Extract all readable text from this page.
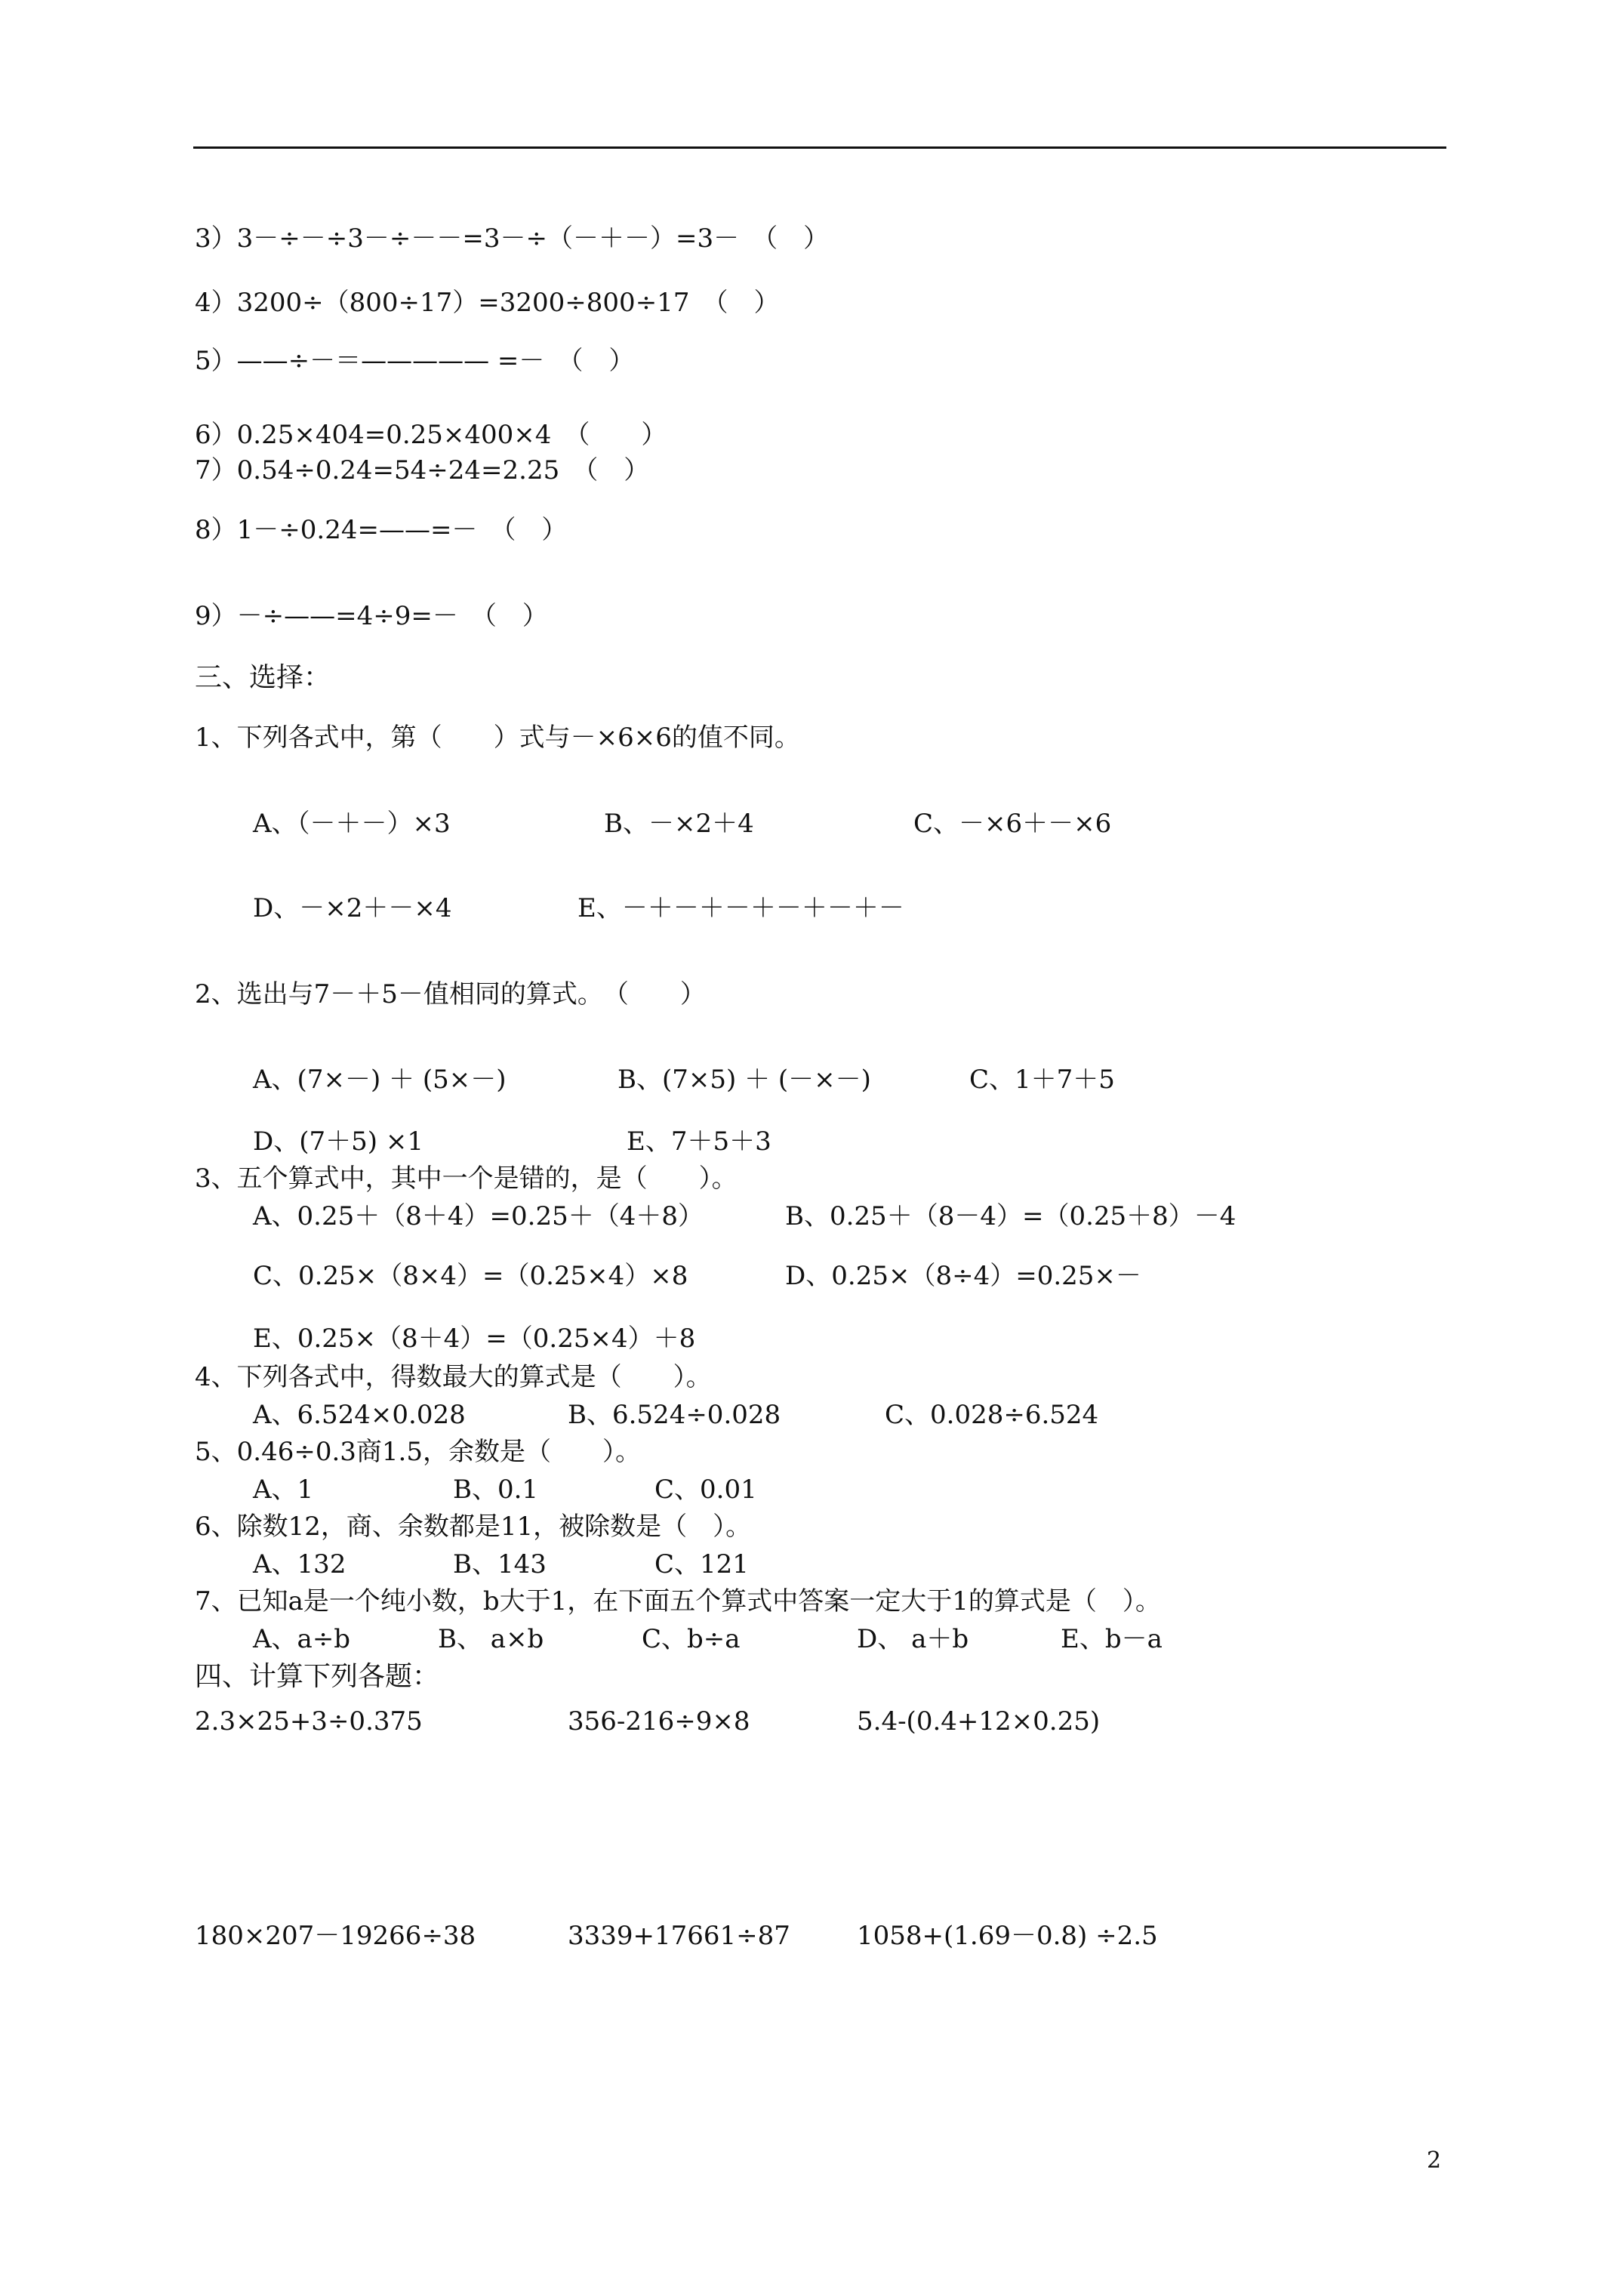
3）3－÷－÷3－÷－－=3－÷（－＋－）=3－　（　）
4）3200÷（800÷17）=3200÷800÷17　（　）
5）——÷－＝————— =－　（　）
6）0.25×404=0.25×400×4　（　　）
7）0.54÷0.24=54÷24=2.25　（　）
8）1－÷0.24=——=－　（　）
9）－÷——=4÷9=－　（　）
三、选择：
1、下列各式中，第（　　）式与－×6×6的值不同。
A、（－＋－）×3	B、－×2＋4	C、－×6＋－×6
D、－×2＋－×4	E、－＋－＋－＋－＋－＋－
2、选出与7－＋5－值相同的算式。　（　　）
A、(7×－) ＋ (5×－)	B、(7×5) ＋ (－×－)	C、1＋7＋5
D、(7＋5) ×1	E、7＋5＋3
3、五个算式中，其中一个是错的，是（　　）。
A、0.25＋（8＋4）=0.25＋（4＋8）	B、0.25＋（8－4）=（0.25＋8）－4
C、0.25×（8×4）=（0.25×4）×8	D、0.25×（8÷4）=0.25×－
E、0.25×（8＋4）=（0.25×4）＋8
4、下列各式中，得数最大的算式是（　　）。
A、6.524×0.028	B、6.524÷0.028	C、0.028÷6.524
5、0.46÷0.3商1.5，余数是（　　）。
A、1	B、0.1	C、0.01
6、除数12，商、余数都是11，被除数是（　）。
A、132	B、143	C、121
7、已知a是一个纯小数，b大于1，在下面五个算式中答案一定大于1的算式是（　）。
A、a÷b	B、 a×b	C、b÷a	D、 a＋b	E、b－a
四、计算下列各题：
2.3×25+3÷0.375	356-216÷9×8	5.4-(0.4+12×0.25)
180×207－19266÷38	3339+17661÷87	1058+(1.69－0.8) ÷2.5
2
